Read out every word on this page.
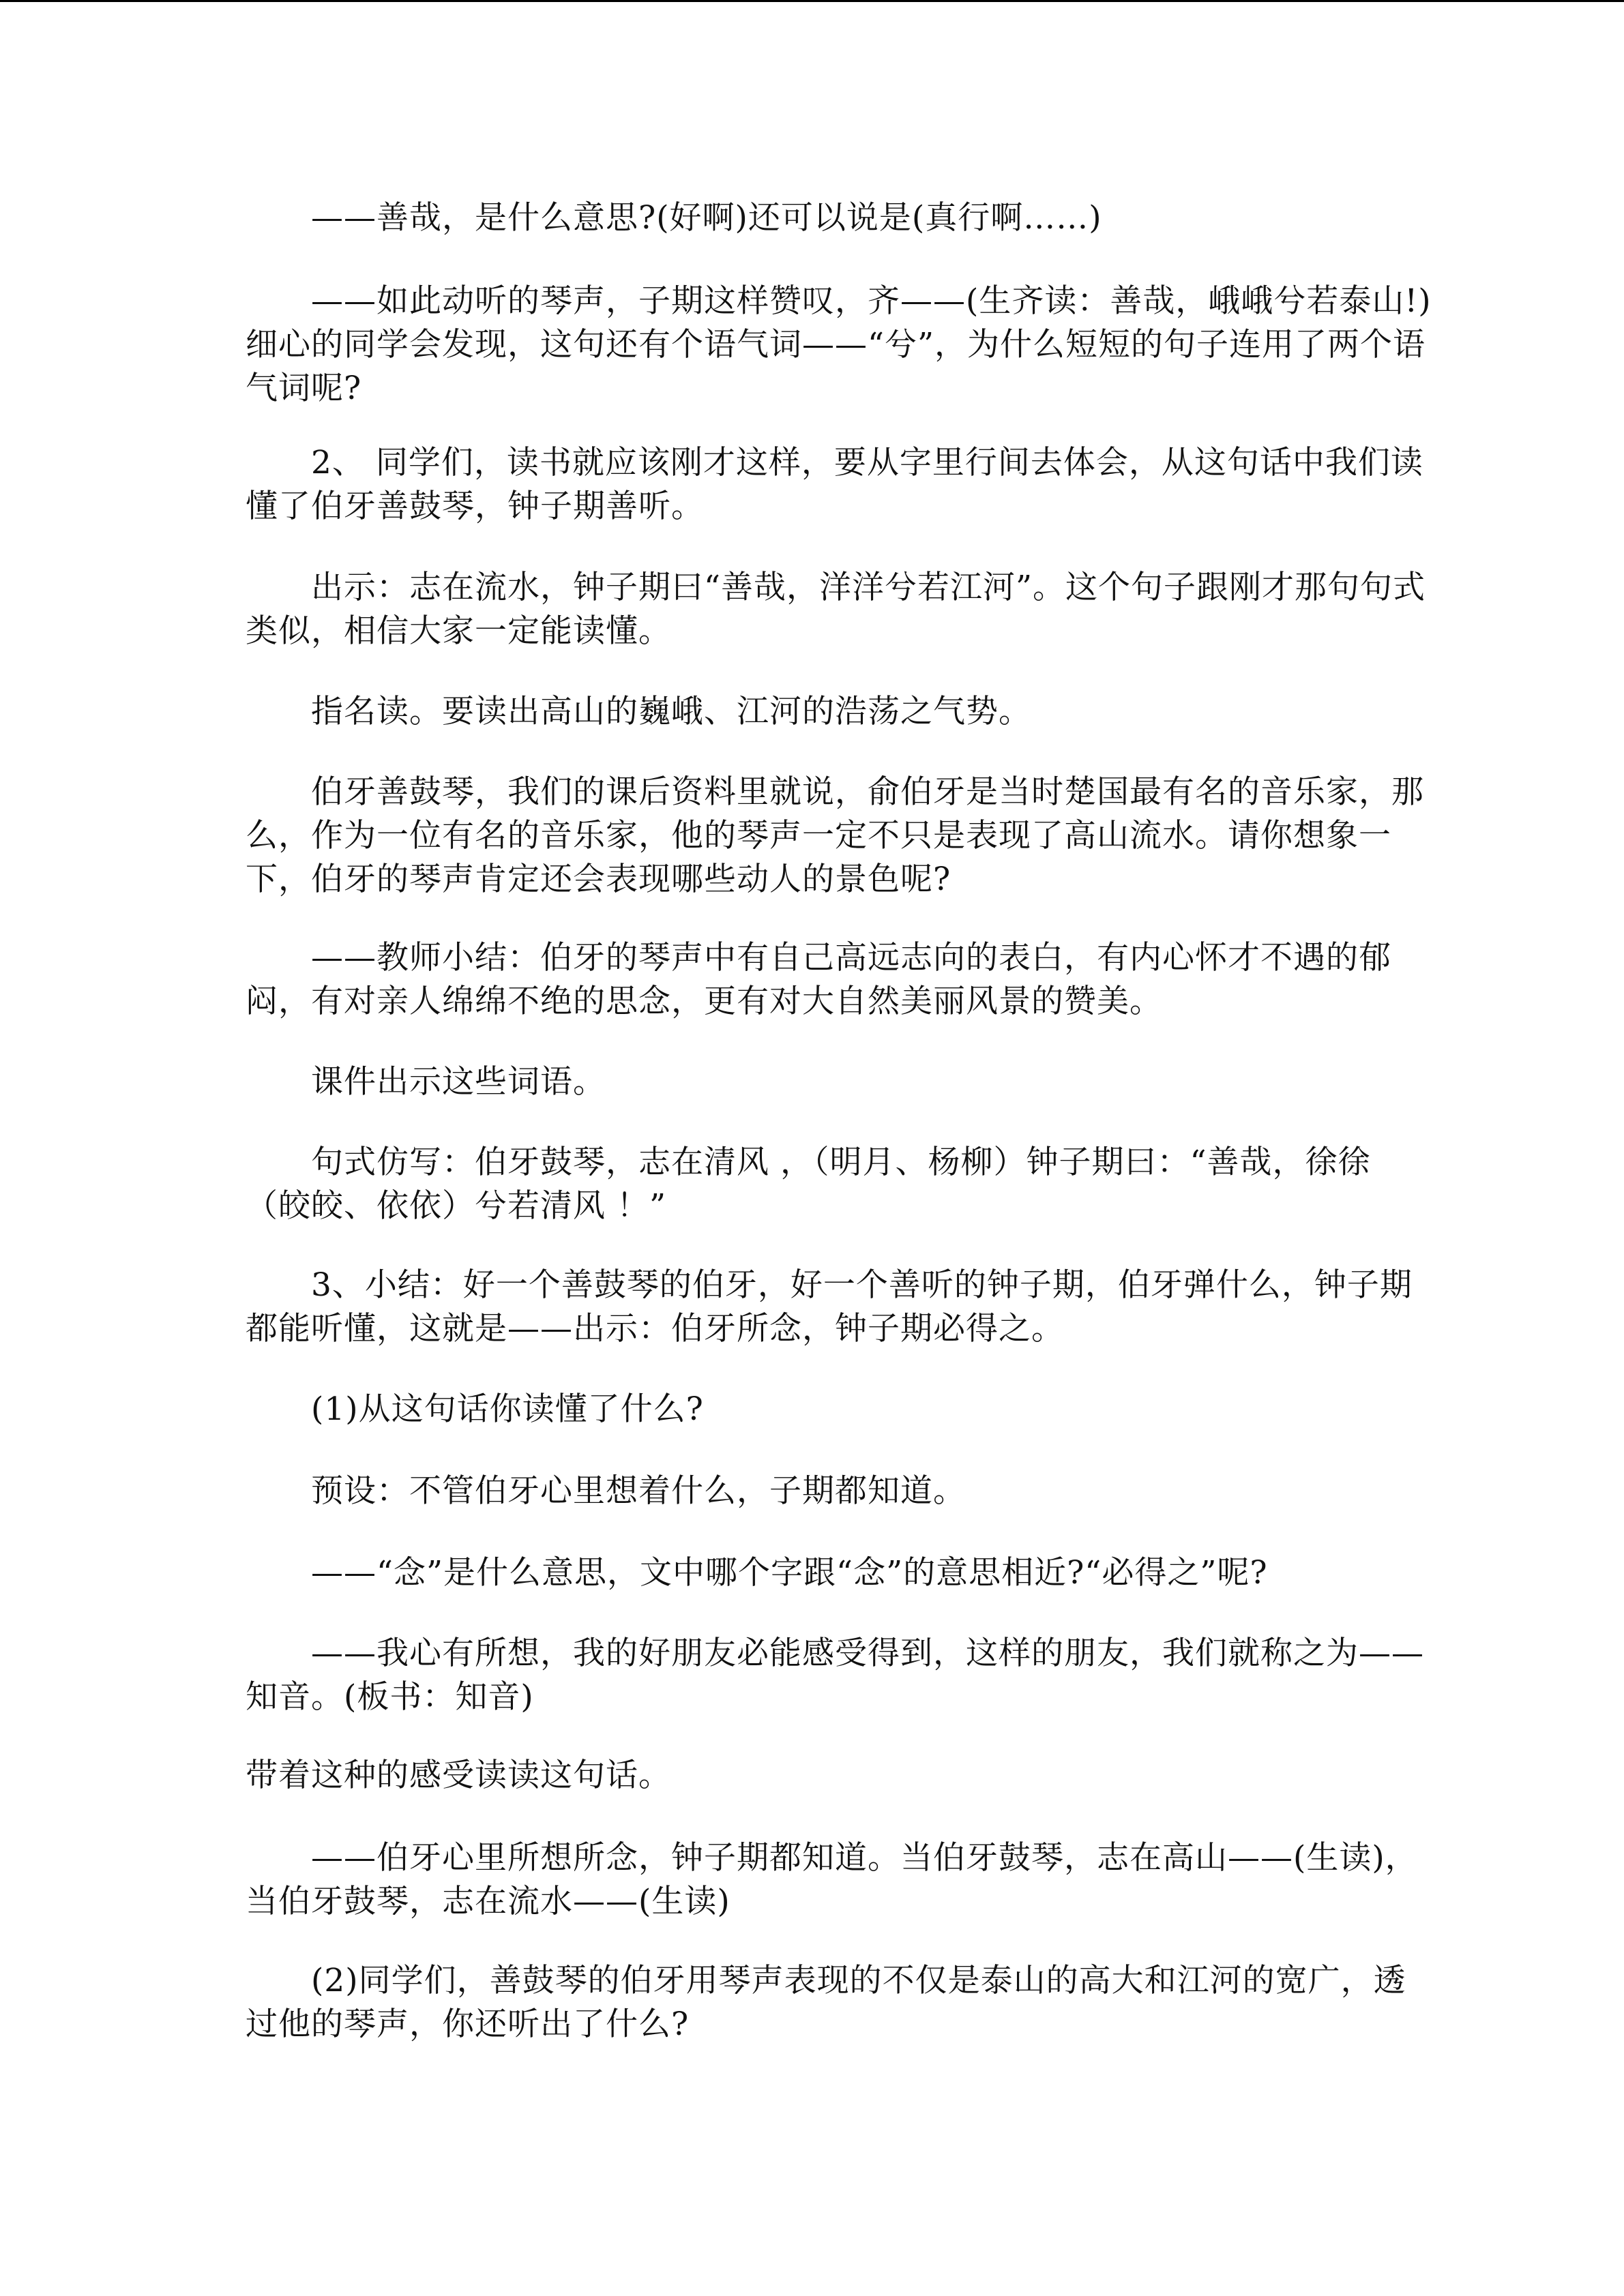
——善哉，是什么意思?(好啊)还可以说是(真行啊……)

——如此动听的琴声，子期这样赞叹，齐——(生齐读：善哉，峨峨兮若泰山!) 细心的同学会发现，这句还有个语气词——“兮”，为什么短短的句子连用了两个语气词呢?

2、 同学们，读书就应该刚才这样，要从字里行间去体会，从这句话中我们读懂了伯牙善鼓琴，钟子期善听。

出示：志在流水，钟子期曰“善哉，洋洋兮若江河”。这个句子跟刚才那句句式类似，相信大家一定能读懂。

指名读。要读出高山的巍峨、江河的浩荡之气势。

伯牙善鼓琴，我们的课后资料里就说，俞伯牙是当时楚国最有名的音乐家，那么，作为一位有名的音乐家，他的琴声一定不只是表现了高山流水。请你想象一下，伯牙的琴声肯定还会表现哪些动人的景色呢?

——教师小结：伯牙的琴声中有自己高远志向的表白，有内心怀才不遇的郁闷，有对亲人绵绵不绝的思念，更有对大自然美丽风景的赞美。

课件出示这些词语。

句式仿写：伯牙鼓琴，志在清风 ，（明月、杨柳）钟子期曰：“善哉，徐徐（皎皎、依依）兮若清风 ！”

3、小结：好一个善鼓琴的伯牙，好一个善听的钟子期，伯牙弹什么，钟子期都能听懂，这就是——出示：伯牙所念，钟子期必得之。

(1)从这句话你读懂了什么?

预设：不管伯牙心里想着什么，子期都知道。

——“念”是什么意思，文中哪个字跟“念”的意思相近?“必得之”呢?

——我心有所想，我的好朋友必能感受得到，这样的朋友，我们就称之为——知音。(板书：知音)

带着这种的感受读读这句话。

——伯牙心里所想所念，钟子期都知道。当伯牙鼓琴，志在高山——(生读)，当伯牙鼓琴，志在流水——(生读)

(2)同学们，善鼓琴的伯牙用琴声表现的不仅是泰山的高大和江河的宽广，透过他的琴声，你还听出了什么?
